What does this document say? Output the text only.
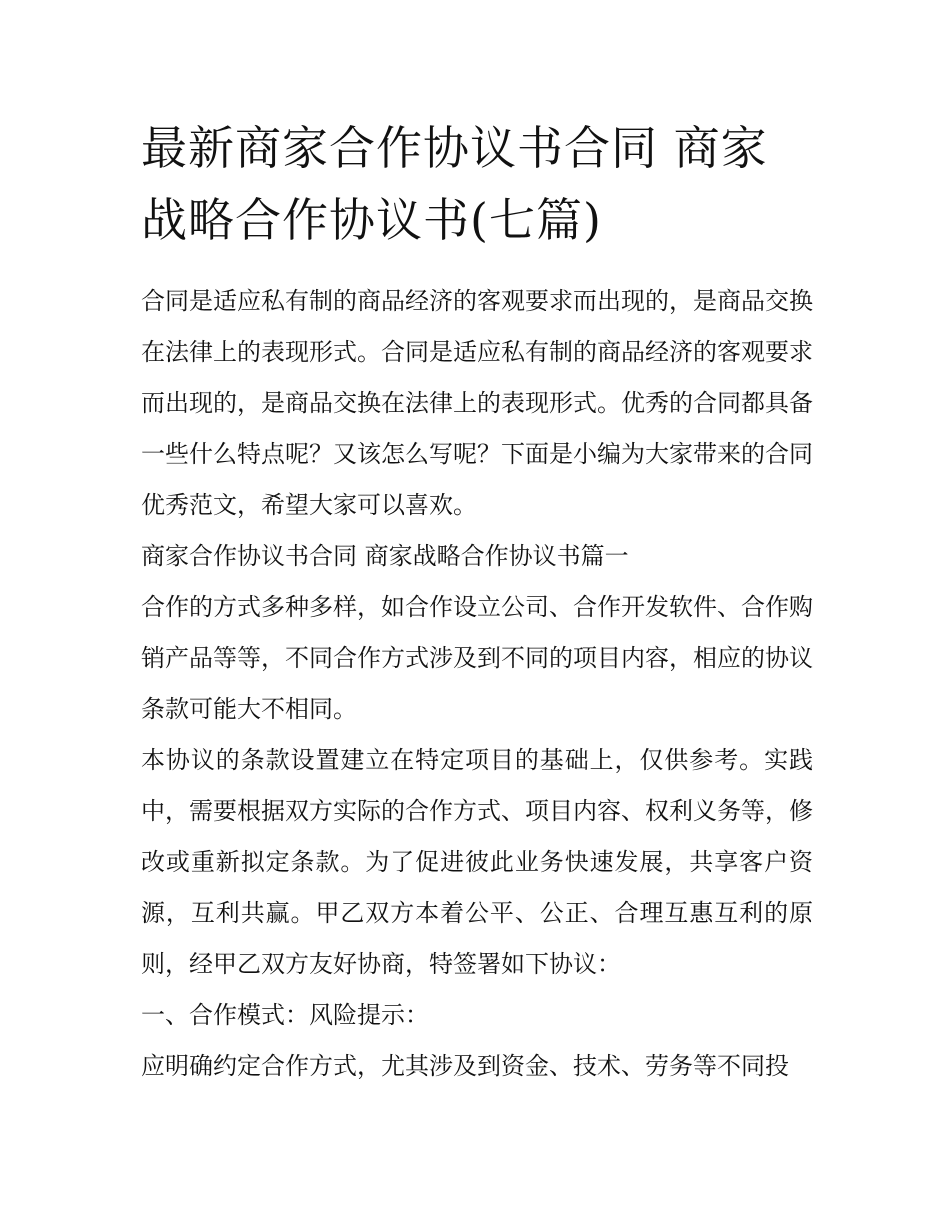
最新商家合作协议书合同 商家战略合作协议书(七篇)

合同是适应私有制的商品经济的客观要求而出现的，是商品交换在法律上的表现形式。合同是适应私有制的商品经济的客观要求而出现的，是商品交换在法律上的表现形式。优秀的合同都具备一些什么特点呢？又该怎么写呢？下面是小编为大家带来的合同优秀范文，希望大家可以喜欢。

商家合作协议书合同 商家战略合作协议书篇一

合作的方式多种多样，如合作设立公司、合作开发软件、合作购销产品等等，不同合作方式涉及到不同的项目内容，相应的协议条款可能大不相同。

本协议的条款设置建立在特定项目的基础上，仅供参考。实践中，需要根据双方实际的合作方式、项目内容、权利义务等，修改或重新拟定条款。为了促进彼此业务快速发展，共享客户资源，互利共赢。甲乙双方本着公平、公正、合理互惠互利的原则，经甲乙双方友好协商，特签署如下协议：

一、合作模式：风险提示：

应明确约定合作方式，尤其涉及到资金、技术、劳务等不同投
